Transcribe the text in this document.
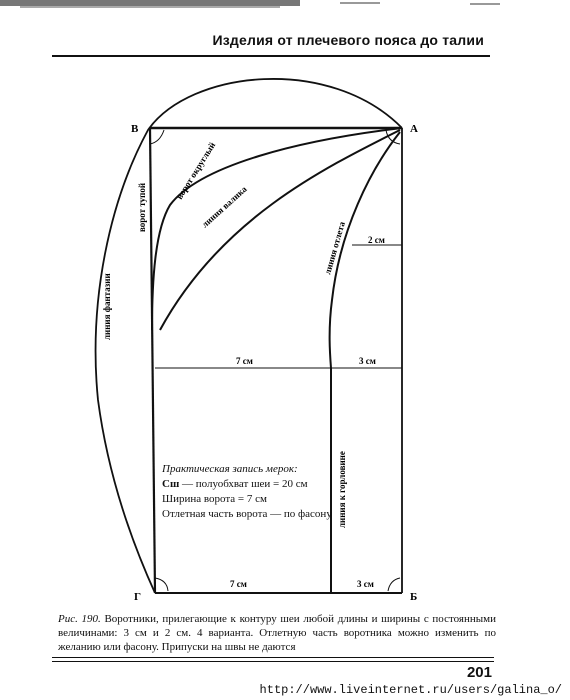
Изделия от плечевого пояса до талии
В	А
Г	Б
ворот тупой
ворот округлый
линия валика
линия отлета
линия фантазии
линия к горловине
2 см
7 см	3 см
7 см	3 см
Практическая запись мерок:
Сш — полуобхват шеи = 20 см
Ширина ворота = 7 см
Отлетная часть ворота — по фасону
Рис. 190. Воротники, прилегающие к контуру шеи любой длины и ширины с постоянными величинами: 3 см и 2 см. 4 варианта. Отлетную часть воротника можно изменить по желанию или фасону. Припуски на швы не даются
201
http://www.liveinternet.ru/users/galina_o/
